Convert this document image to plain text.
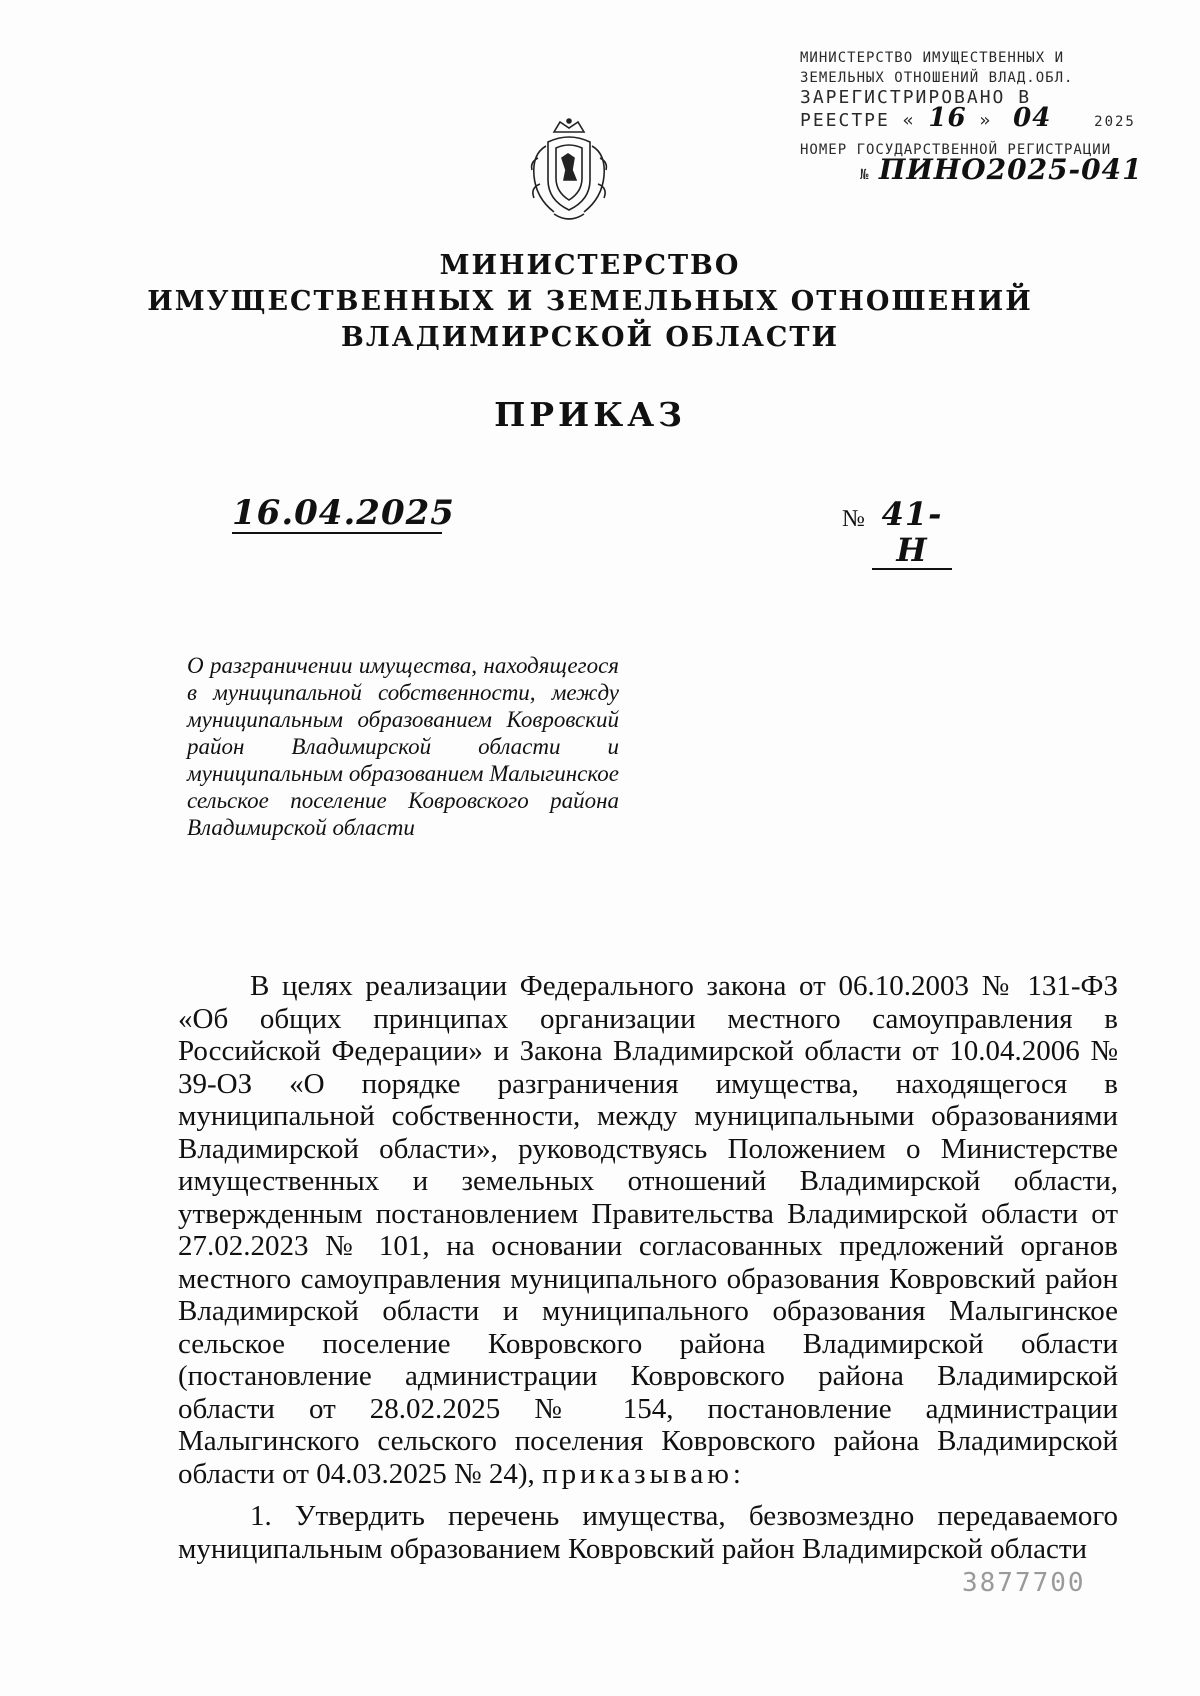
МИНИСТЕРСТВО ИМУЩЕСТВЕННЫХ И
ЗЕМЕЛЬНЫХ ОТНОШЕНИЙ ВЛАД.ОБЛ.
ЗАРЕГИСТРИРОВАНО В
РЕЕСТРЕ « 16 » 04	2025
НОМЕР ГОСУДАРСТВЕННОЙ РЕГИСТРАЦИИ
№ ПИНО2025-041
МИНИСТЕРСТВО
ИМУЩЕСТВЕННЫХ И ЗЕМЕЛЬНЫХ ОТНОШЕНИЙ
ВЛАДИМИРСКОЙ ОБЛАСТИ
ПРИКАЗ
16.04.2025	№ 41-Н
О разграничении имущества, находящегося в муниципальной собственности, между муниципальным образованием Ковровский район Владимирской области и муниципальным образованием Малыгинское сельское поселение Ковровского района Владимирской области

В целях реализации Федерального закона от 06.10.2003 № 131-ФЗ «Об общих принципах организации местного самоуправления в Российской Федерации» и Закона Владимирской области от 10.04.2006 № 39-ОЗ «О порядке разграничения имущества, находящегося в муниципальной собственности, между муниципальными образованиями Владимирской области», руководствуясь Положением о Министерстве имущественных и земельных отношений Владимирской области, утвержденным постановлением Правительства Владимирской области от 27.02.2023 № 101, на основании согласованных предложений органов местного самоуправления муниципального образования Ковровский район Владимирской области и муниципального образования Малыгинское сельское поселение Ковровского района Владимирской области (постановление администрации Ковровского района Владимирской области от 28.02.2025 № 154, постановление администрации Малыгинского сельского поселения Ковровского района Владимирской области от 04.03.2025 № 24), приказываю:

1. Утвердить перечень имущества, безвозмездно передаваемого муниципальным образованием Ковровский район Владимирской области

3877700
